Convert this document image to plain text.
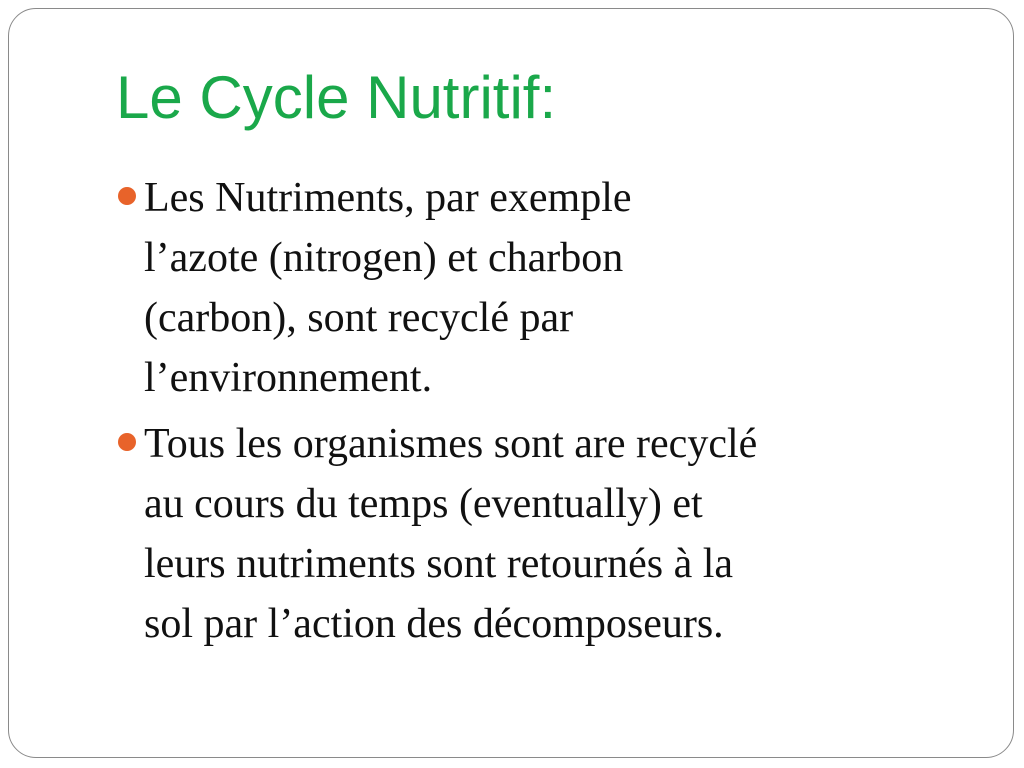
Le Cycle Nutritif:
Les Nutriments, par exemple
l’azote (nitrogen) et charbon
(carbon), sont recyclé par
l’environnement.
Tous les organismes sont are recyclé
au cours du temps (eventually) et
leurs nutriments sont retournés à la
sol par l’action des décomposeurs.
